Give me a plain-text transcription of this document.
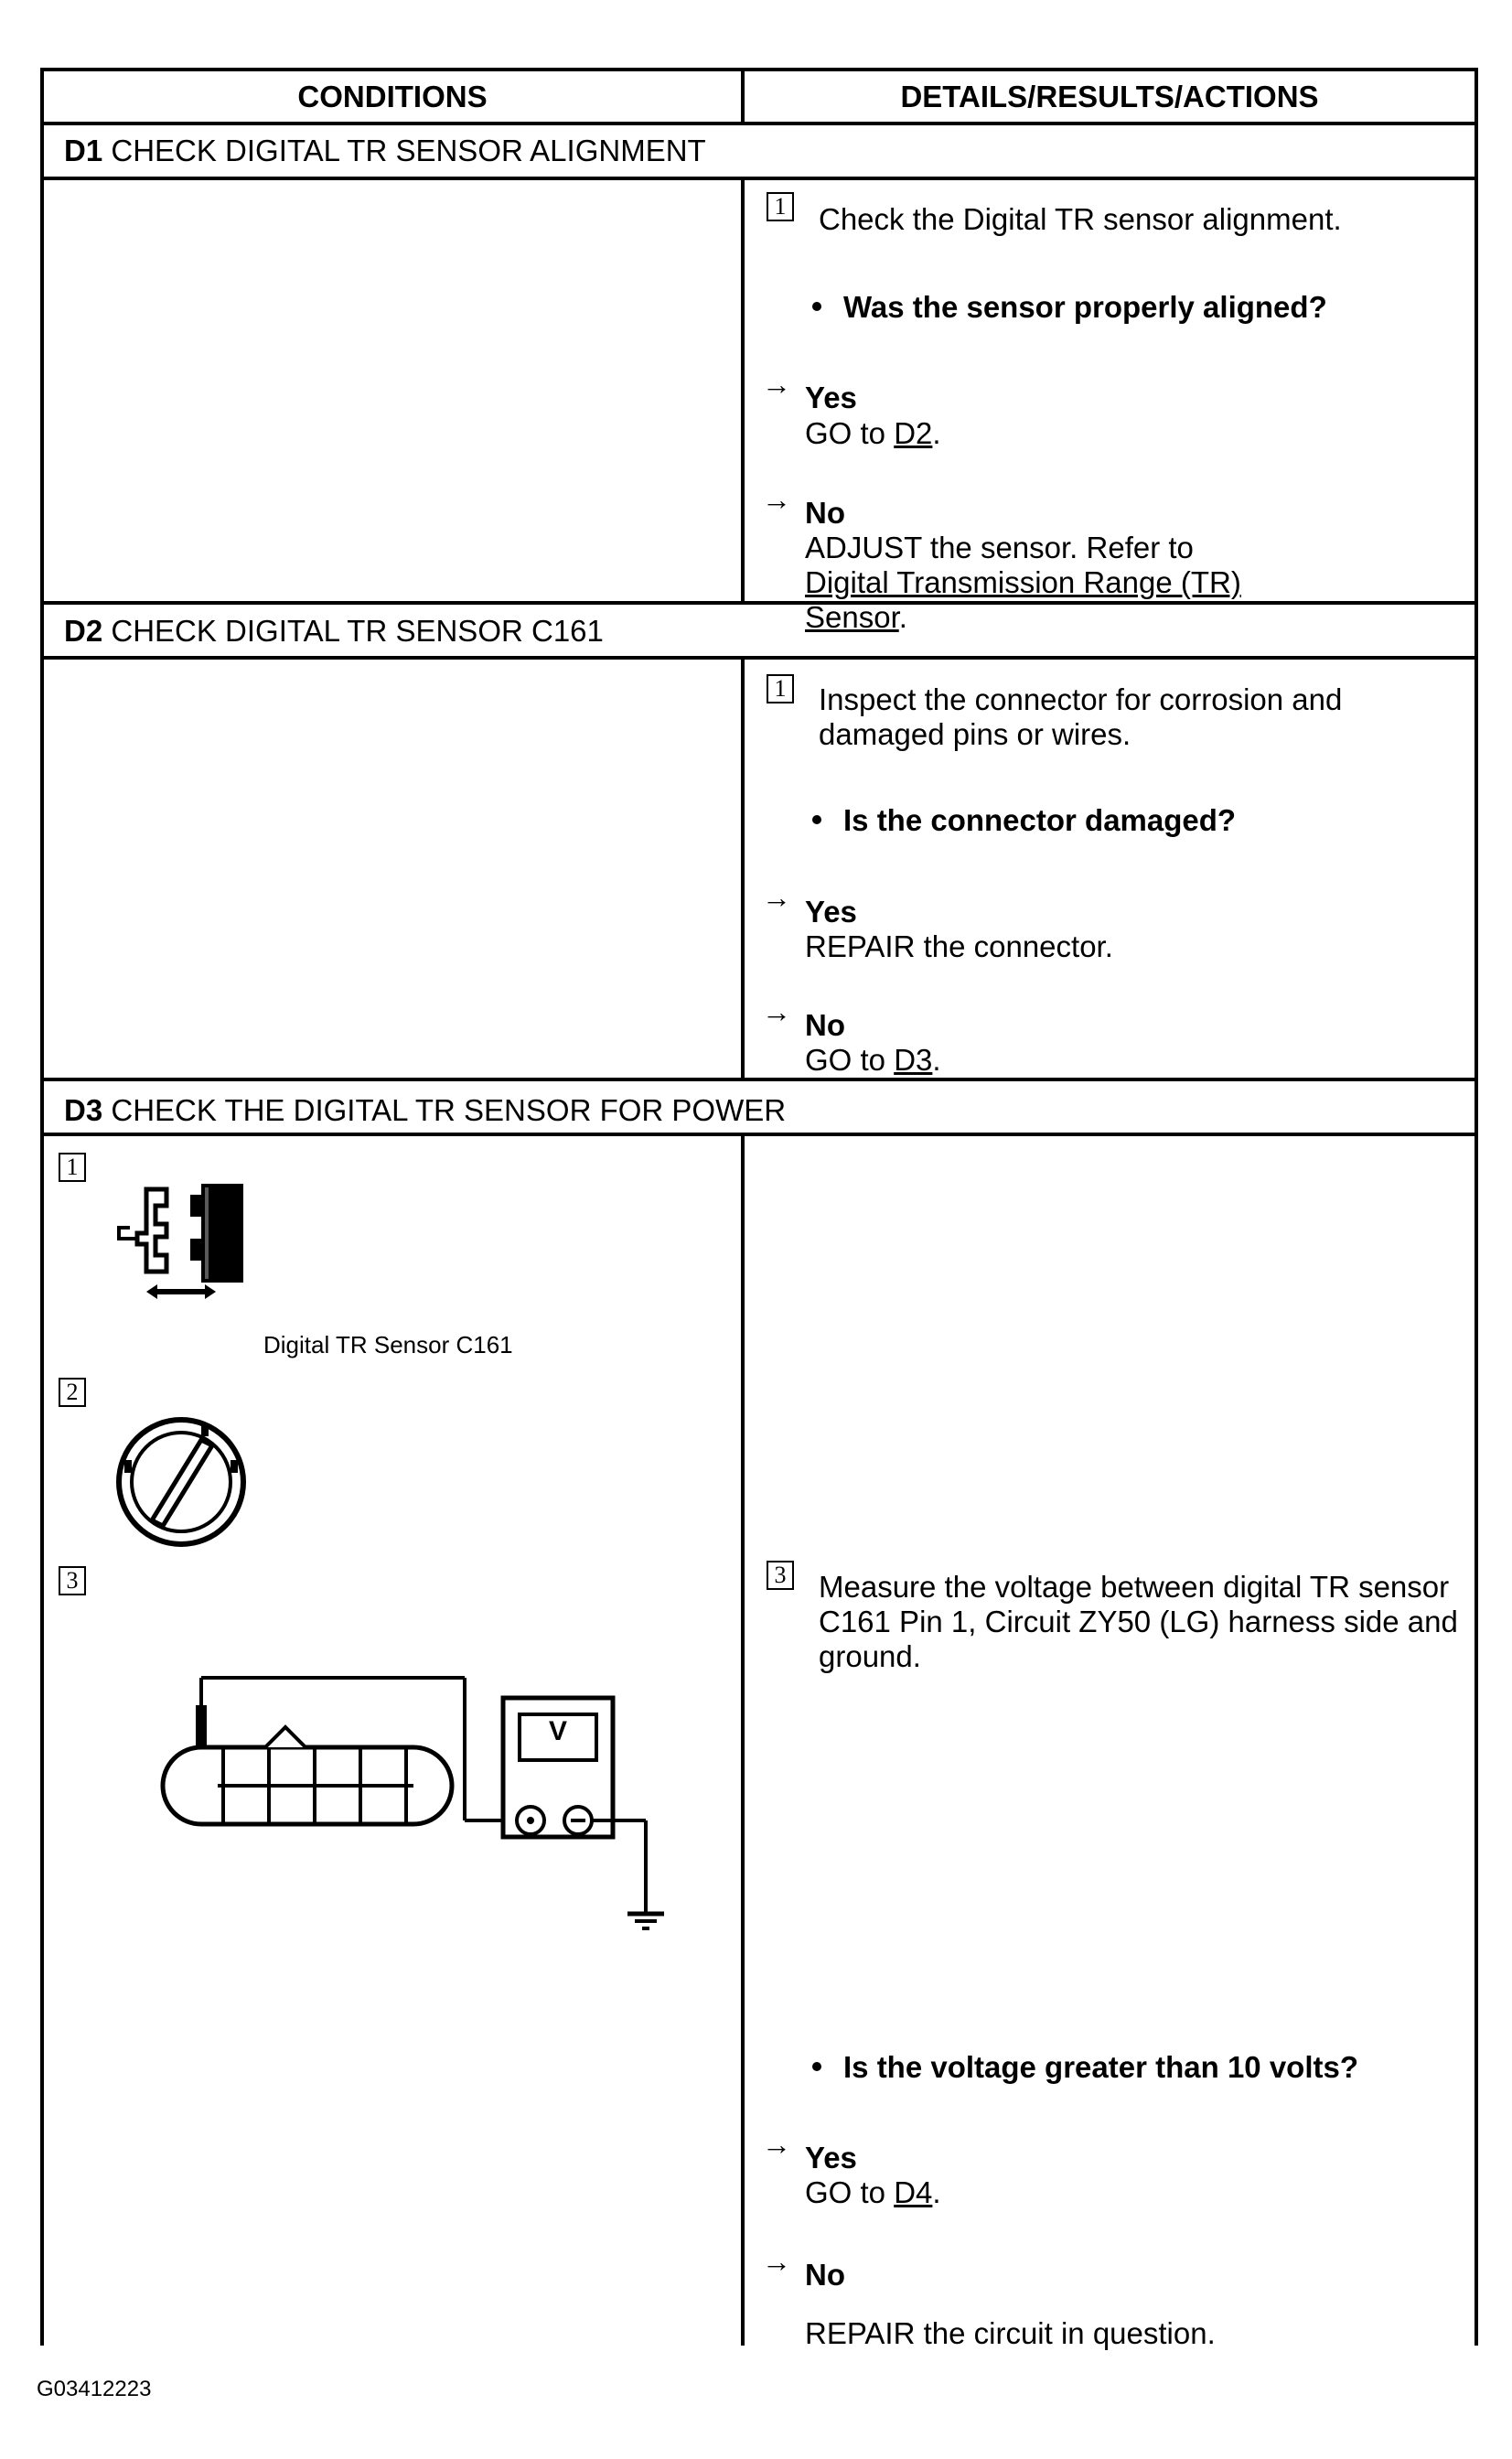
CONDITIONS	DETAILS/RESULTS/ACTIONS
D1 CHECK DIGITAL TR SENSOR ALIGNMENT
1 Check the Digital TR sensor alignment.
Was the sensor properly aligned?
→ Yes
GO to D2.
→ No
ADJUST the sensor. Refer to Digital Transmission Range (TR) Sensor.
D2 CHECK DIGITAL TR SENSOR C161
1 Inspect the connector for corrosion and damaged pins or wires.
Is the connector damaged?
→ Yes
REPAIR the connector.
→ No
GO to D3.
D3 CHECK THE DIGITAL TR SENSOR FOR POWER
1
Digital TR Sensor C161
2
3
V
3 Measure the voltage between digital TR sensor C161 Pin 1, Circuit ZY50 (LG) harness side and ground.
Is the voltage greater than 10 volts?
→ Yes
GO to D4.
→ No
REPAIR the circuit in question.
G03412223
